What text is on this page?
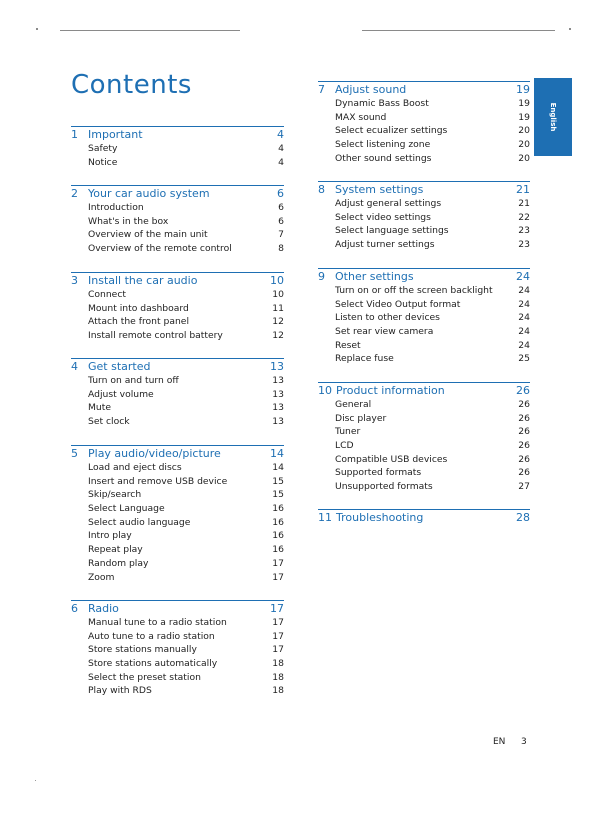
Contents
English
1 Important	4
Safety	4
Notice	4
2 Your car audio system	6
Introduction	6
What's in the box	6
Overview of the main unit	7
Overview of the remote control	8
3 Install the car audio	10
Connect	10
Mount into dashboard	11
Attach the front panel	12
Install remote control battery	12
4 Get started	13
Turn on and turn off	13
Adjust volume	13
Mute	13
Set clock	13
5 Play audio/video/picture	14
Load and eject discs	14
Insert and remove USB device	15
Skip/search	15
Select Language	16
Select audio language	16
Intro play	16
Repeat play	16
Random play	17
Zoom	17
6 Radio	17
Manual tune to a radio station	17
Auto tune to a radio station	17
Store stations manually	17
Store stations automatically	18
Select the preset station	18
Play with RDS	18
7 Adjust sound	19
Dynamic Bass Boost	19
MAX sound	19
Select ecualizer settings	20
Select listening zone	20
Other sound settings	20
8 System settings	21
Adjust general settings	21
Select video settings	22
Select language settings	23
Adjust turner settings	23
9 Other settings	24
Turn on or off the screen backlight	24
Select Video Output format	24
Listen to other devices	24
Set rear view camera	24
Reset	24
Replace fuse	25
10 Product information	26
General	26
Disc player	26
Tuner	26
LCD	26
Compatible USB devices	26
Supported formats	26
Unsupported formats	27
11 Troubleshooting	28
EN 3
